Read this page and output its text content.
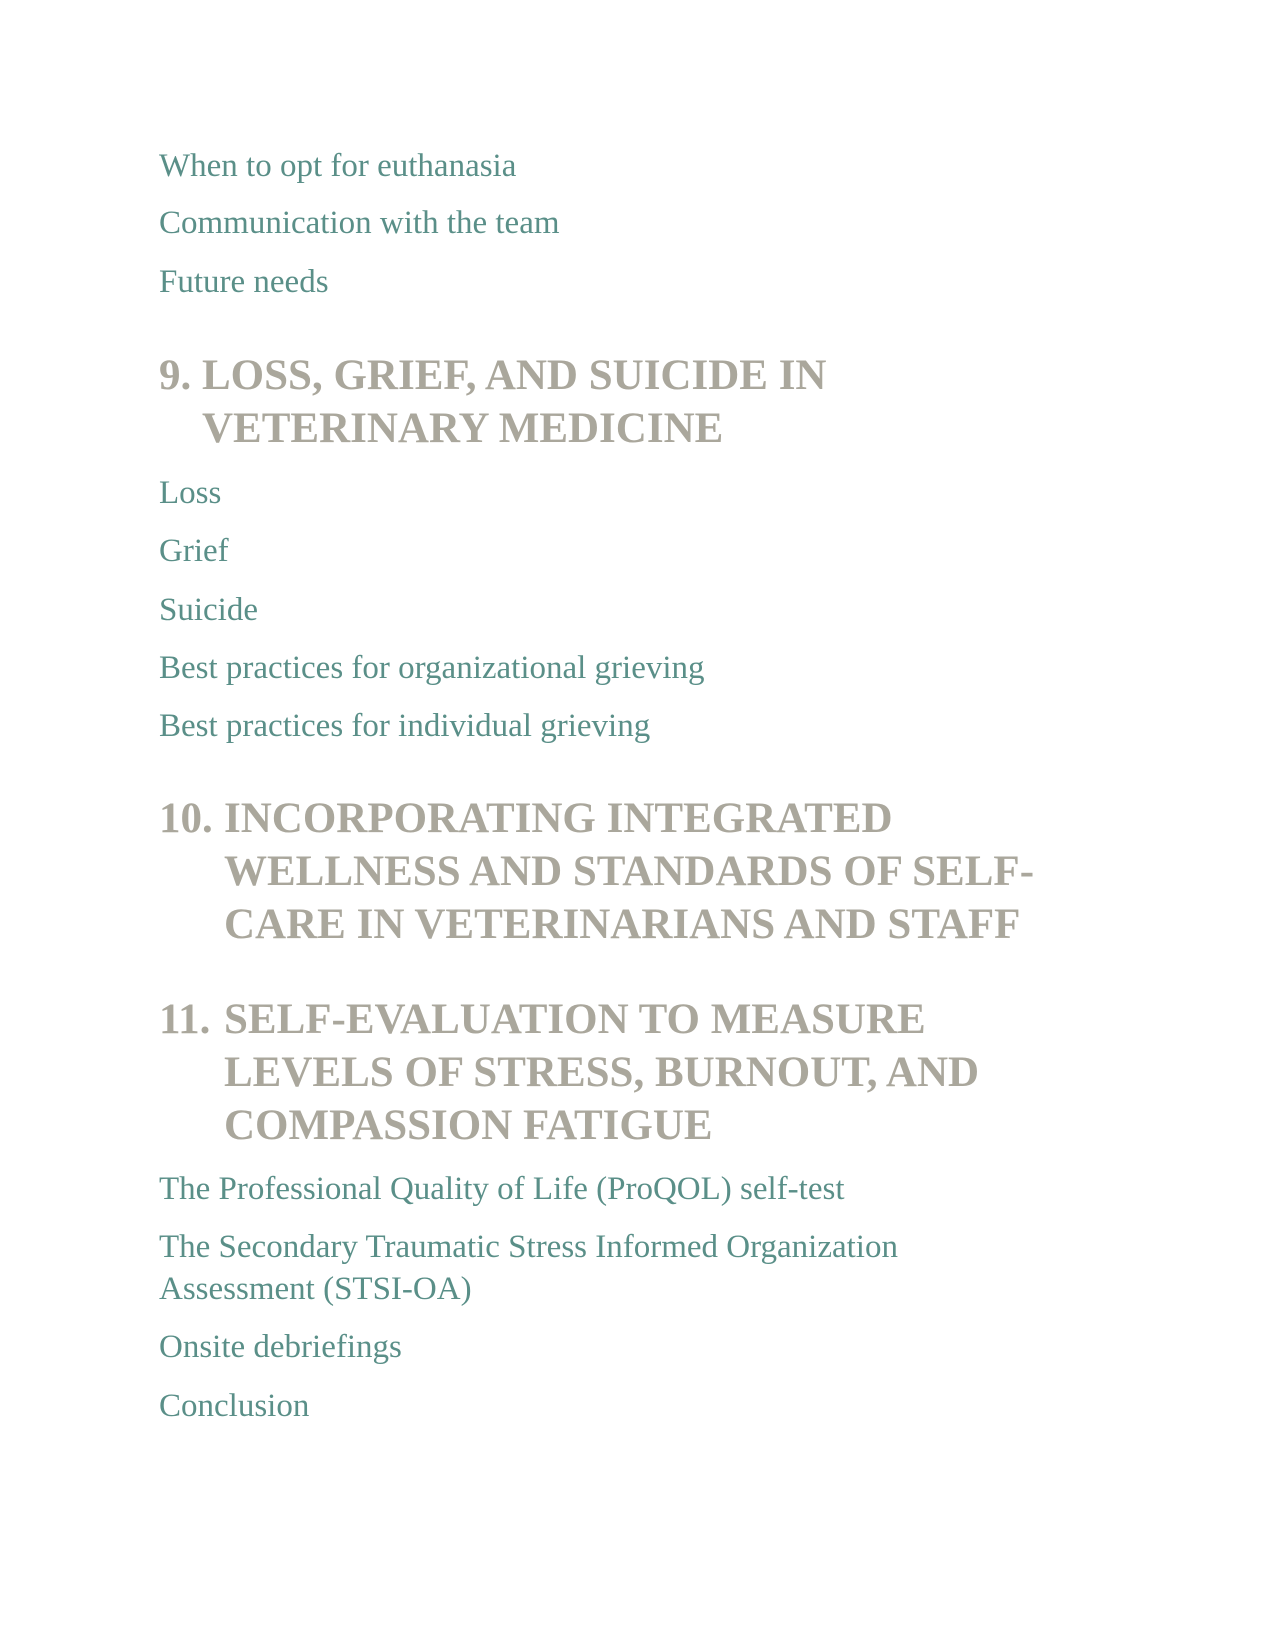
When to opt for euthanasia

Communication with the team

Future needs

9. LOSS, GRIEF, AND SUICIDE IN VETERINARY MEDICINE

Loss

Grief

Suicide

Best practices for organizational grieving

Best practices for individual grieving

10. INCORPORATING INTEGRATED WELLNESS AND STANDARDS OF SELF-CARE IN VETERINARIANS AND STAFF
11. SELF-EVALUATION TO MEASURE LEVELS OF STRESS, BURNOUT, AND COMPASSION FATIGUE

The Professional Quality of Life (ProQOL) self-test

The Secondary Traumatic Stress Informed Organization Assessment (STSI-OA)

Onsite debriefings

Conclusion
